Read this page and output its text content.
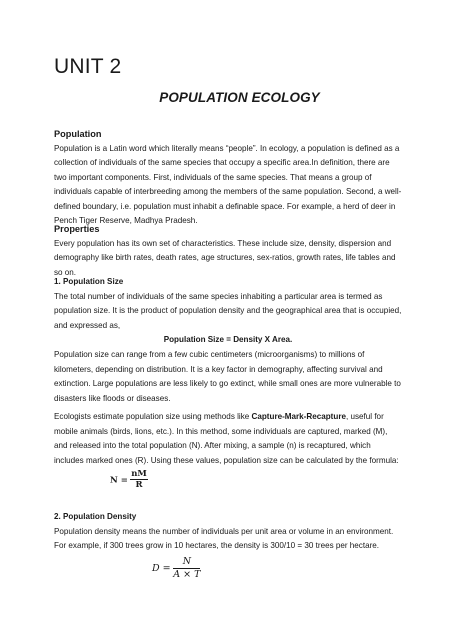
UNIT 2
POPULATION ECOLOGY

Population

Population is a Latin word which literally means “people”. In ecology, a population is defined as a collection of individuals of the same species that occupy a specific area.In definition, there are two important components. First, individuals of the same species. That means a group of individuals capable of interbreeding among the members of the same population. Second, a well-defined boundary, i.e. population must inhabit a definable space. For example, a herd of deer in Pench Tiger Reserve, Madhya Pradesh.

Properties

Every population has its own set of characteristics. These include size, density, dispersion and demography like birth rates, death rates, age structures, sex-ratios, growth rates, life tables and so on.

1. Population Size

The total number of individuals of the same species inhabiting a particular area is termed as population size. It is the product of population density and the geographical area that is occupied, and expressed as,

Population Size = Density X Area.

Population size can range from a few cubic centimeters (microorganisms) to millions of kilometers, depending on distribution. It is a key factor in demography, affecting survival and extinction. Large populations are less likely to go extinct, while small ones are more vulnerable to disasters like floods or diseases.

Ecologists estimate population size using methods like Capture-Mark-Recapture, useful for mobile animals (birds, lions, etc.). In this method, some individuals are captured, marked (M), and released into the total population (N). After mixing, a sample (n) is recaptured, which includes marked ones (R). Using these values, population size can be calculated by the formula:

$N = \frac{nM}{R}$

2. Population Density

Population density means the number of individuals per unit area or volume in an environment. For example, if 300 trees grow in 10 hectares, the density is 300/10 = 30 trees per hectare.

$D = \frac{N}{A \times T}$
